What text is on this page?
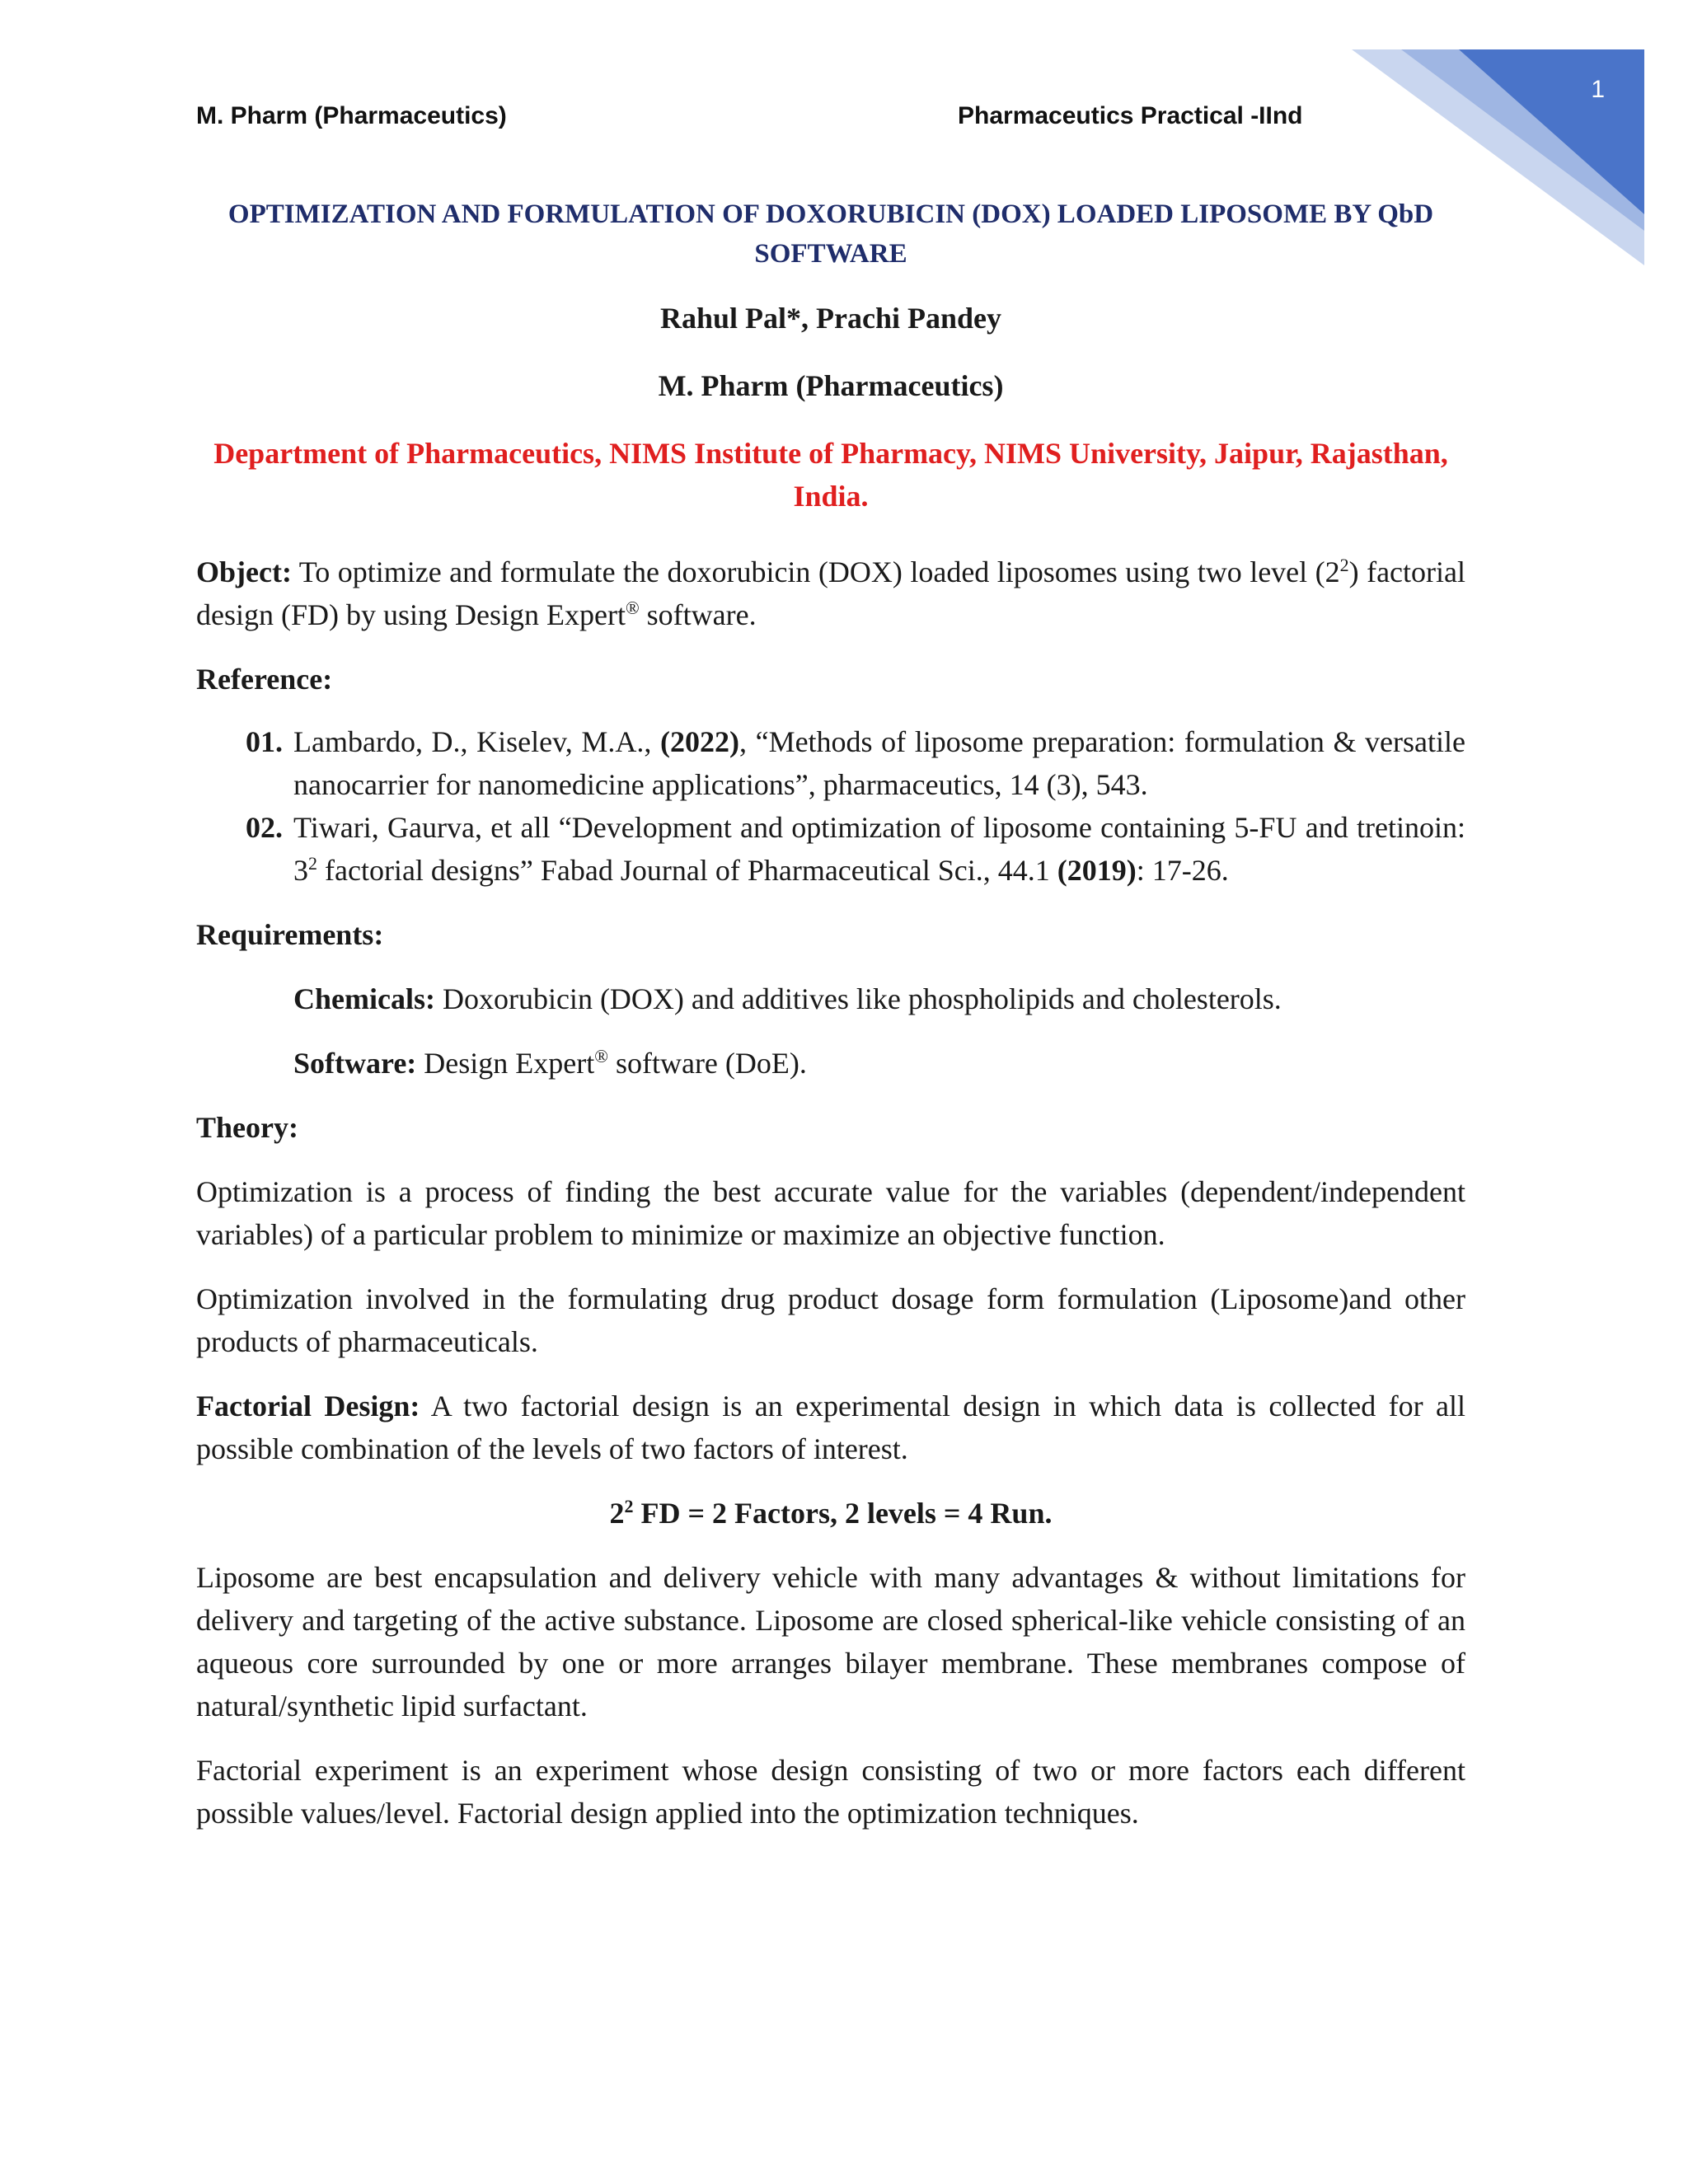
1
M. Pharm (Pharmaceutics)	Pharmaceutics Practical -IInd

OPTIMIZATION AND FORMULATION OF DOXORUBICIN (DOX) LOADED LIPOSOME BY QbD SOFTWARE

Rahul Pal*, Prachi Pandey

M. Pharm (Pharmaceutics)

Department of Pharmaceutics, NIMS Institute of Pharmacy, NIMS University, Jaipur, Rajasthan, India.

Object: To optimize and formulate the doxorubicin (DOX) loaded liposomes using two level $(2^2)$ factorial design (FD) by using Design Expert® software.

Reference:

01. Lambardo, D., Kiselev, M.A., (2022), “Methods of liposome preparation: formulation & versatile nanocarrier for nanomedicine applications”, pharmaceutics, 14 (3), 543.
02. Tiwari, Gaurva, et all “Development and optimization of liposome containing 5-FU and tretinoin: $3^2$ factorial designs” Fabad Journal of Pharmaceutical Sci., 44.1 (2019): 17-26.

Requirements:

Chemicals: Doxorubicin (DOX) and additives like phospholipids and cholesterols.

Software: Design Expert® software (DoE).

Theory:

Optimization is a process of finding the best accurate value for the variables (dependent/independent variables) of a particular problem to minimize or maximize an objective function.

Optimization involved in the formulating drug product dosage form formulation (Liposome)and other products of pharmaceuticals.

Factorial Design: A two factorial design is an experimental design in which data is collected for all possible combination of the levels of two factors of interest.

$2^2$ FD = 2 Factors, 2 levels = 4 Run.

Liposome are best encapsulation and delivery vehicle with many advantages & without limitations for delivery and targeting of the active substance. Liposome are closed spherical-like vehicle consisting of an aqueous core surrounded by one or more arranges bilayer membrane. These membranes compose of natural/synthetic lipid surfactant.

Factorial experiment is an experiment whose design consisting of two or more factors each different possible values/level. Factorial design applied into the optimization techniques.
